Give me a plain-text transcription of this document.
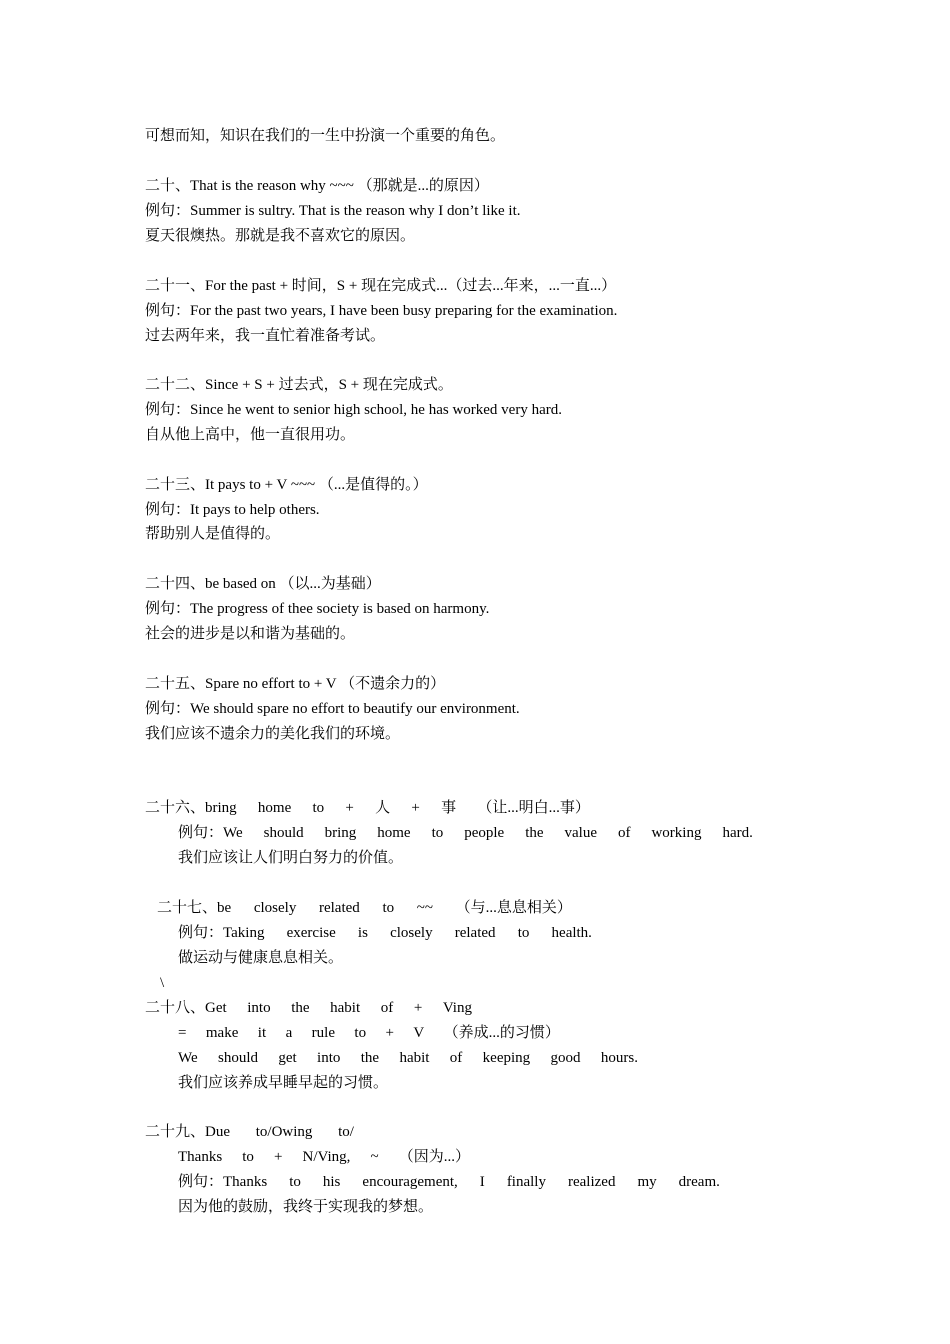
可想而知，知识在我们的一生中扮演一个重要的角色。
二十、That is the reason why ~~~ （那就是...的原因）
例句：Summer is sultry. That is the reason why I don’t like it.
夏天很燠热。那就是我不喜欢它的原因。
二十一、For the past + 时间，S + 现在完成式...（过去...年来，...一直...）
例句：For the past two years, I have been busy preparing for the examination.
过去两年来，我一直忙着准备考试。
二十二、Since + S + 过去式，S + 现在完成式。
例句：Since he went to senior high school, he has worked very hard.
自从他上高中，他一直很用功。
二十三、It pays to + V ~~~ （...是值得的。）
例句：It pays to help others.
帮助别人是值得的。
二十四、be based on （以...为基础）
例句：The progress of thee society is based on harmony.
社会的进步是以和谐为基础的。
二十五、Spare no effort to + V （不遗余力的）
例句：We should spare no effort to beautify our environment.
我们应该不遗余力的美化我们的环境。
二十六、bring home to + 人 + 事 （让...明白...事）
例句：We should bring home to people the value of working hard.
我们应该让人们明白努力的价值。
二十七、be closely related to ~~ （与...息息相关）
例句：Taking exercise is closely related to health.
做运动与健康息息相关。
\
二十八、Get into the habit of + Ving
= make it a rule to + V （养成...的习惯）
We should get into the habit of keeping good hours.
我们应该养成早睡早起的习惯。
二十九、Due to/Owing to/
Thanks to + N/Ving, ~ （因为...）
例句：Thanks to his encouragement, I finally realized my dream.
因为他的鼓励，我终于实现我的梦想。
